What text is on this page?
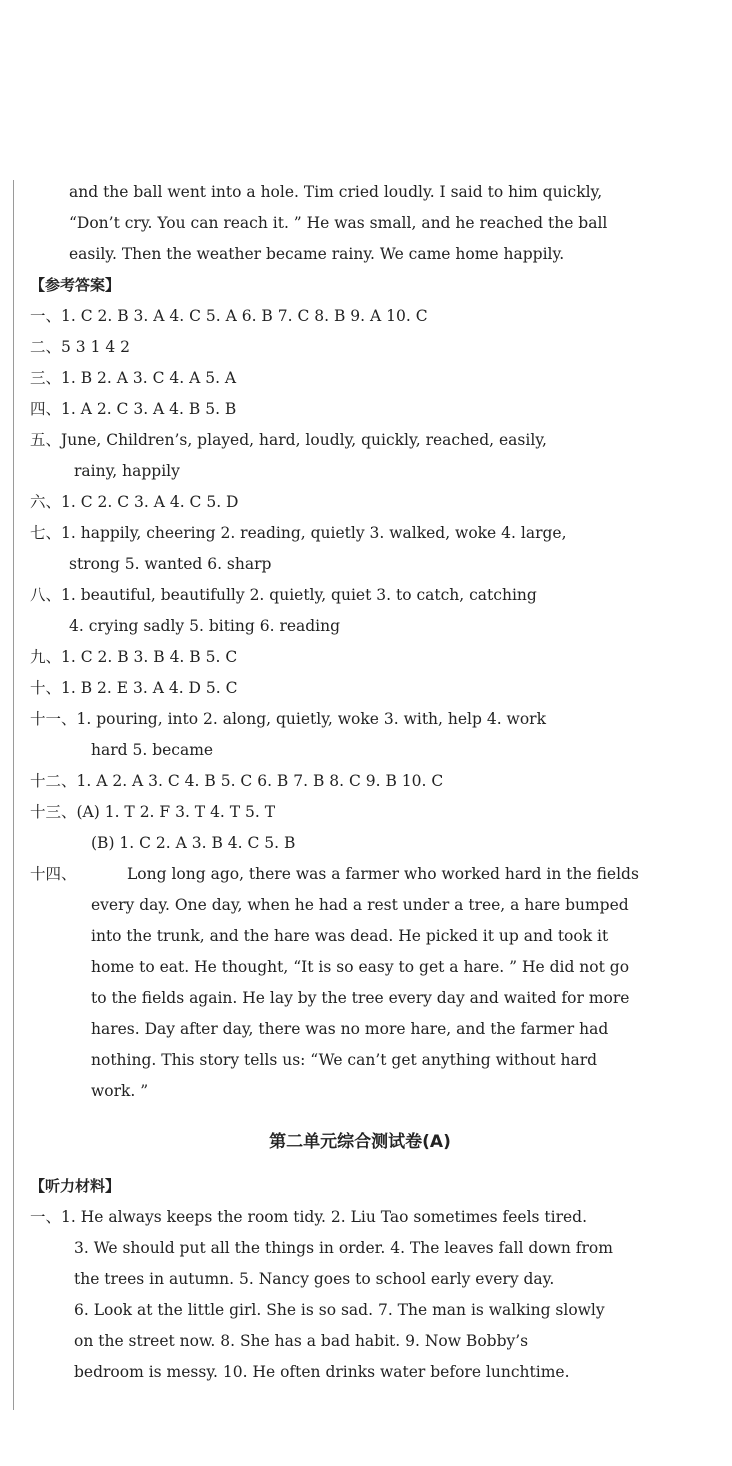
and the ball went into a hole. Tim cried loudly. I said to him quickly,
“Don’t cry. You can reach it. ” He was small, and he reached the ball
easily. Then the weather became rainy. We came home happily.
【参考答案】
一、1. C 2. B 3. A 4. C 5. A 6. B 7. C 8. B 9. A 10. C
二、5 3 1 4 2
三、1. B 2. A 3. C 4. A 5. A
四、1. A 2. C 3. A 4. B 5. B
五、June, Children’s, played, hard, loudly, quickly, reached, easily,
rainy, happily
六、1. C 2. C 3. A 4. C 5. D
七、1. happily, cheering 2. reading, quietly 3. walked, woke 4. large,
strong 5. wanted 6. sharp
八、1. beautiful, beautifully 2. quietly, quiet 3. to catch, catching
4. crying sadly 5. biting 6. reading
九、1. C 2. B 3. B 4. B 5. C
十、1. B 2. E 3. A 4. D 5. C
十一、1. pouring, into 2. along, quietly, woke 3. with, help 4. work
hard 5. became
十二、1. A 2. A 3. C 4. B 5. C 6. B 7. B 8. C 9. B 10. C
十三、(A) 1. T 2. F 3. T 4. T 5. T
(B) 1. C 2. A 3. B 4. C 5. B
十四、	Long long ago, there was a farmer who worked hard in the fields
every day. One day, when he had a rest under a tree, a hare bumped
into the trunk, and the hare was dead. He picked it up and took it
home to eat. He thought, “It is so easy to get a hare. ” He did not go
to the fields again. He lay by the tree every day and waited for more
hares. Day after day, there was no more hare, and the farmer had
nothing. This story tells us: “We can’t get anything without hard
work. ”
第二单元综合测试卷(A)
【听力材料】
一、1. He always keeps the room tidy. 2. Liu Tao sometimes feels tired.
3. We should put all the things in order. 4. The leaves fall down from
the trees in autumn. 5. Nancy goes to school early every day.
6. Look at the little girl. She is so sad. 7. The man is walking slowly
on the street now. 8. She has a bad habit. 9. Now Bobby’s
bedroom is messy. 10. He often drinks water before lunchtime.
